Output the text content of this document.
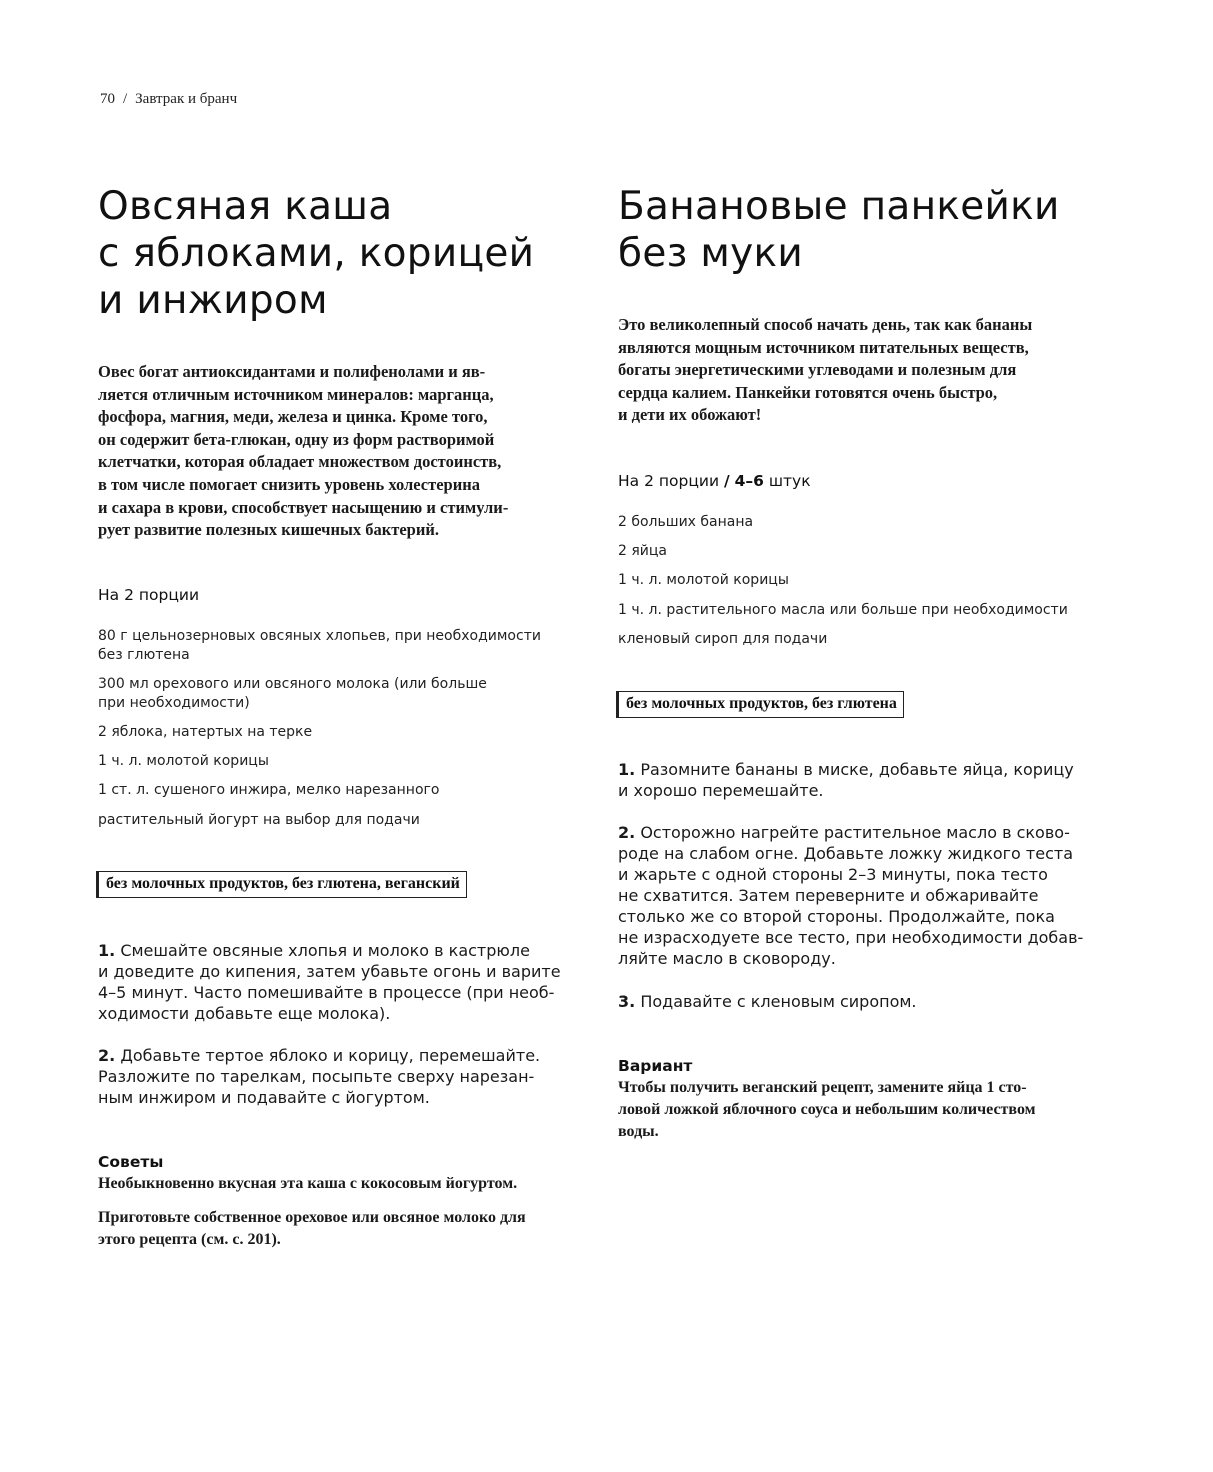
70 / Завтрак и бранч
Овсяная каша
с яблоками, корицей
и инжиром
Овес богат антиоксидантами и полифенолами и яв-
ляется отличным источником минералов: марганца,
фосфора, магния, меди, железа и цинка. Кроме того,
он содержит бета-глюкан, одну из форм растворимой
клетчатки, которая обладает множеством достоинств,
в том числе помогает снизить уровень холестерина
и сахара в крови, способствует насыщению и стимули-
рует развитие полезных кишечных бактерий.
На 2 порции
80 г цельнозерновых овсяных хлопьев, при необходимости
без глютена
300 мл орехового или овсяного молока (или больше
при необходимости)
2 яблока, натертых на терке
1 ч. л. молотой корицы
1 ст. л. сушеного инжира, мелко нарезанного
растительный йогурт на выбор для подачи
без молочных продуктов, без глютена, веганский
1. Смешайте овсяные хлопья и молоко в кастрюле
и доведите до кипения, затем убавьте огонь и варите
4–5 минут. Часто помешивайте в процессе (при необ-
ходимости добавьте еще молока).
2. Добавьте тертое яблоко и корицу, перемешайте.
Разложите по тарелкам, посыпьте сверху нарезан-
ным инжиром и подавайте с йогуртом.
Советы
Необыкновенно вкусная эта каша с кокосовым йогуртом.
Приготовьте собственное ореховое или овсяное молоко для
этого рецепта (см. с. 201).
Банановые панкейки
без муки
Это великолепный способ начать день, так как бананы
являются мощным источником питательных веществ,
богаты энергетическими углеводами и полезным для
сердца калием. Панкейки готовятся очень быстро,
и дети их обожают!
На 2 порции / 4–6 штук
2 больших банана
2 яйца
1 ч. л. молотой корицы
1 ч. л. растительного масла или больше при необходимости
кленовый сироп для подачи
без молочных продуктов, без глютена
1. Разомните бананы в миске, добавьте яйца, корицу
и хорошо перемешайте.
2. Осторожно нагрейте растительное масло в сково-
роде на слабом огне. Добавьте ложку жидкого теста
и жарьте с одной стороны 2–3 минуты, пока тесто
не схватится. Затем переверните и обжаривайте
столько же со второй стороны. Продолжайте, пока
не израсходуете все тесто, при необходимости добав-
ляйте масло в сковороду.
3. Подавайте с кленовым сиропом.
Вариант
Чтобы получить веганский рецепт, замените яйца 1 сто-
ловой ложкой яблочного соуса и небольшим количеством
воды.
